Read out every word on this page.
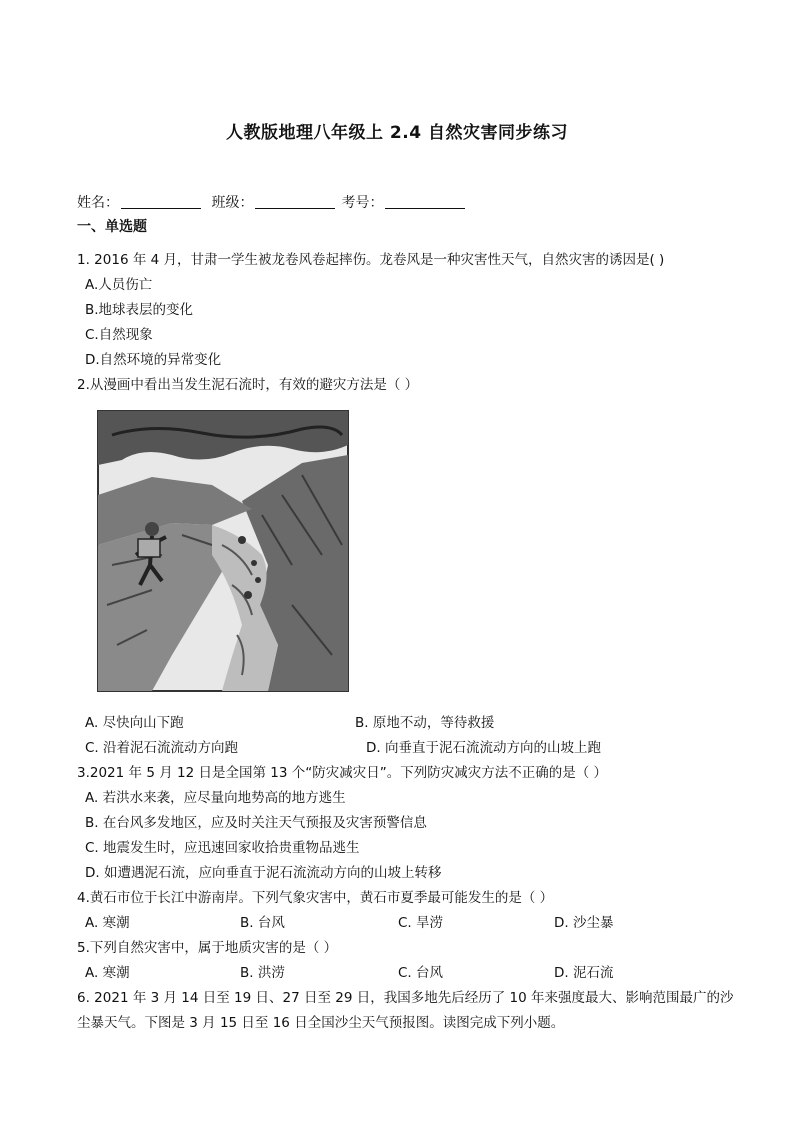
人教版地理八年级上 2.4 自然灾害同步练习
姓名：	班级：	考号：
一、单选题
1. 2016 年 4 月，甘肃一学生被龙卷风卷起摔伤。龙卷风是一种灾害性天气，自然灾害的诱因是( )
A.人员伤亡
B.地球表层的变化
C.自然现象
D.自然环境的异常变化
2.从漫画中看出当发生泥石流时，有效的避灾方法是（ ）
A. 尽快向山下跑	B. 原地不动，等待救援
C. 沿着泥石流流动方向跑	D. 向垂直于泥石流流动方向的山坡上跑
3.2021 年 5 月 12 日是全国第 13 个“防灾减灾日”。下列防灾减灾方法不正确的是（ ）
A. 若洪水来袭，应尽量向地势高的地方逃生
B. 在台风多发地区，应及时关注天气预报及灾害预警信息
C. 地震发生时，应迅速回家收拾贵重物品逃生
D. 如遭遇泥石流，应向垂直于泥石流流动方向的山坡上转移
4.黄石市位于长江中游南岸。下列气象灾害中，黄石市夏季最可能发生的是（ ）
A. 寒潮	B. 台风	C. 旱涝	D. 沙尘暴
5.下列自然灾害中，属于地质灾害的是（ ）
A. 寒潮	B. 洪涝	C. 台风	D. 泥石流
6. 2021 年 3 月 14 日至 19 日、27 日至 29 日，我国多地先后经历了 10 年来强度最大、影响范围最广的沙
尘暴天气。下图是 3 月 15 日至 16 日全国沙尘天气预报图。读图完成下列小题。
